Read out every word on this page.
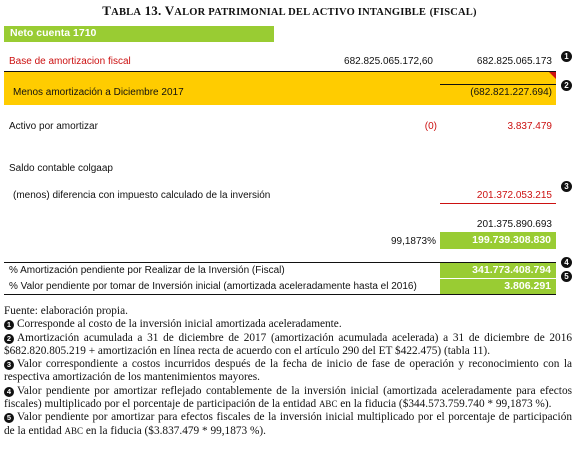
TABLA 13. VALOR PATRIMONIAL DEL ACTIVO INTANGIBLE (FISCAL)
Neto cuenta 1710
Base de amortizacion fiscal	682.825.065.172,60	682.825.065.173	1
Menos amortización a Diciembre 2017	(682.821.227.694)
2
Activo por amortizar	(0)	3.837.479
Saldo contable colgaap
(menos) diferencia con impuesto calculado de la inversión	201.372.053.215
3
201.375.890.693
99,1873%	199.739.308.830
% Amortización pendiente por Realizar de la Inversión (Fiscal)	341.773.408.794
4
% Valor pendiente por tomar de Inversión inicial (amortizada aceleradamente hasta el 2016)	3.806.291
5
Fuente: elaboración propia.
1 Corresponde al costo de la inversión inicial amortizada aceleradamente.
2 Amortización acumulada a 31 de diciembre de 2017 (amortización acumulada acelerada) a 31 de diciembre de 2016 $682.820.805.219 + amortización en línea recta de acuerdo con el artículo 290 del ET $422.475) (tabla 11).
3 Valor correspondiente a costos incurridos después de la fecha de inicio de fase de operación y reconocimiento con la respectiva amortización de los mantenimientos mayores.
4 Valor pendiente por amortizar reflejado contablemente de la inversión inicial (amortizada aceleradamente para efectos fiscales) multiplicado por el porcentaje de participación de la entidad ABC en la fiducia ($344.573.759.740 * 99,1873 %).
5 Valor pendiente por amortizar para efectos fiscales de la inversión inicial multiplicado por el porcentaje de participación de la entidad ABC en la fiducia ($3.837.479 * 99,1873 %).
